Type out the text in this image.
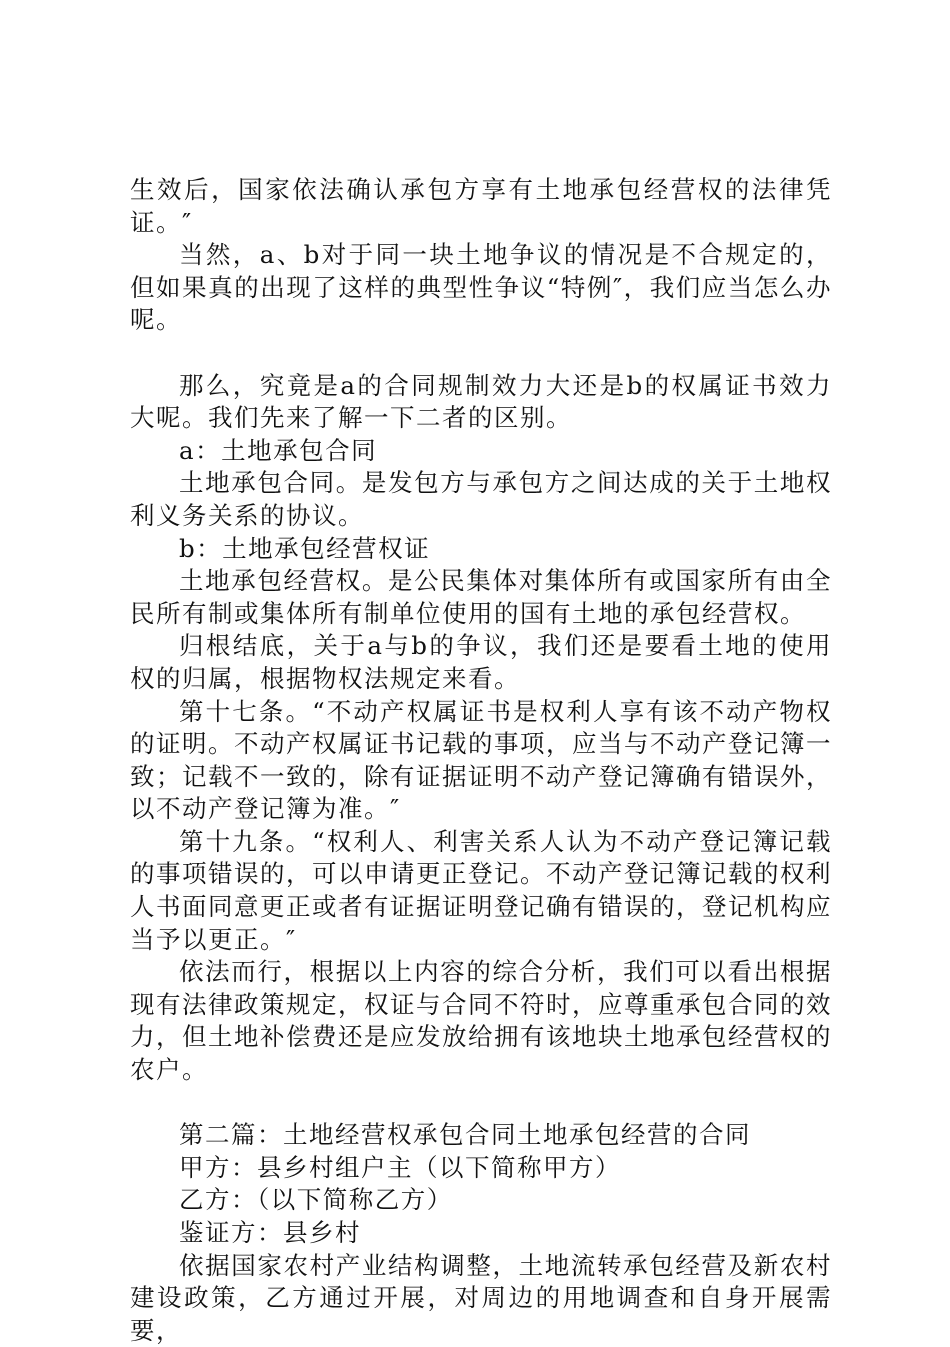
生效后，国家依法确认承包方享有土地承包经营权的法律凭证。″

当然，a、b对于同一块土地争议的情况是不合规定的，但如果真的出现了这样的典型性争议“特例″，我们应当怎么办呢。

那么，究竟是a的合同规制效力大还是b的权属证书效力大呢。我们先来了解一下二者的区别。

a：土地承包合同

土地承包合同。是发包方与承包方之间达成的关于土地权利义务关系的协议。

b：土地承包经营权证

土地承包经营权。是公民集体对集体所有或国家所有由全民所有制或集体所有制单位使用的国有土地的承包经营权。

归根结底，关于a与b的争议，我们还是要看土地的使用权的归属，根据物权法规定来看。

第十七条。“不动产权属证书是权利人享有该不动产物权的证明。不动产权属证书记载的事项，应当与不动产登记簿一致；记载不一致的，除有证据证明不动产登记簿确有错误外，以不动产登记簿为准。″

第十九条。“权利人、利害关系人认为不动产登记簿记载的事项错误的，可以申请更正登记。不动产登记簿记载的权利人书面同意更正或者有证据证明登记确有错误的，登记机构应当予以更正。″

依法而行，根据以上内容的综合分析，我们可以看出根据现有法律政策规定，权证与合同不符时，应尊重承包合同的效力，但土地补偿费还是应发放给拥有该地块土地承包经营权的农户。

第二篇：土地经营权承包合同土地承包经营的合同

甲方：县乡村组户主（以下简称甲方）

乙方：（以下简称乙方）

鉴证方：县乡村

依据国家农村产业结构调整，土地流转承包经营及新农村建设政策，乙方通过开展，对周边的用地调查和自身开展需要，
